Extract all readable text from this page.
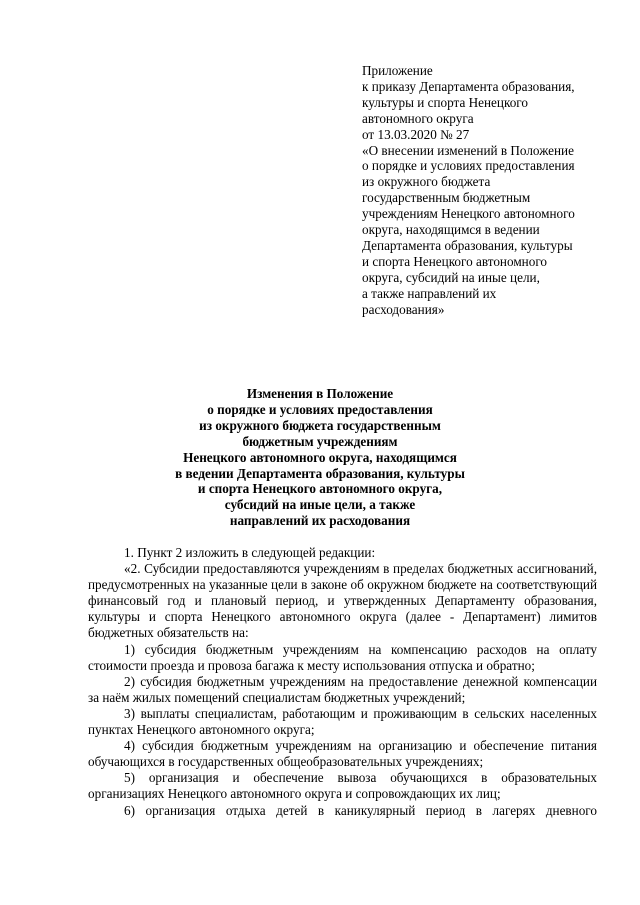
Приложение
к приказу Департамента образования,
культуры и спорта Ненецкого
автономного округа
от 13.03.2020 № 27
«О внесении изменений в Положение
о порядке и условиях предоставления
из окружного бюджета
государственным бюджетным
учреждениям Ненецкого автономного
округа, находящимся в ведении
Департамента образования, культуры
и спорта Ненецкого автономного
округа, субсидий на иные цели,
а также направлений их
расходования»
Изменения в Положение
о порядке и условиях предоставления
из окружного бюджета государственным
бюджетным учреждениям
Ненецкого автономного округа, находящимся
в ведении Департамента образования, культуры
и спорта Ненецкого автономного округа,
субсидий на иные цели, а также
направлений их расходования
1. Пункт 2 изложить в следующей редакции:
«2. Субсидии предоставляются учреждениям в пределах бюджетных ассигнований, предусмотренных на указанные цели в законе об окружном бюджете на соответствующий финансовый год и плановый период, и утвержденных Департаменту образования, культуры и спорта Ненецкого автономного округа (далее - Департамент) лимитов бюджетных обязательств на:
1) субсидия бюджетным учреждениям на компенсацию расходов на оплату стоимости проезда и провоза багажа к месту использования отпуска и обратно;
2) субсидия бюджетным учреждениям на предоставление денежной компенсации за наём жилых помещений специалистам бюджетных учреждений;
3) выплаты специалистам, работающим и проживающим в сельских населенных пунктах Ненецкого автономного округа;
4) субсидия бюджетным учреждениям на организацию и обеспечение питания обучающихся в государственных общеобразовательных учреждениях;
5) организация и обеспечение вывоза обучающихся в образовательных организациях Ненецкого автономного округа и сопровождающих их лиц;
6) организация отдыха детей в каникулярный период в лагерях дневного
